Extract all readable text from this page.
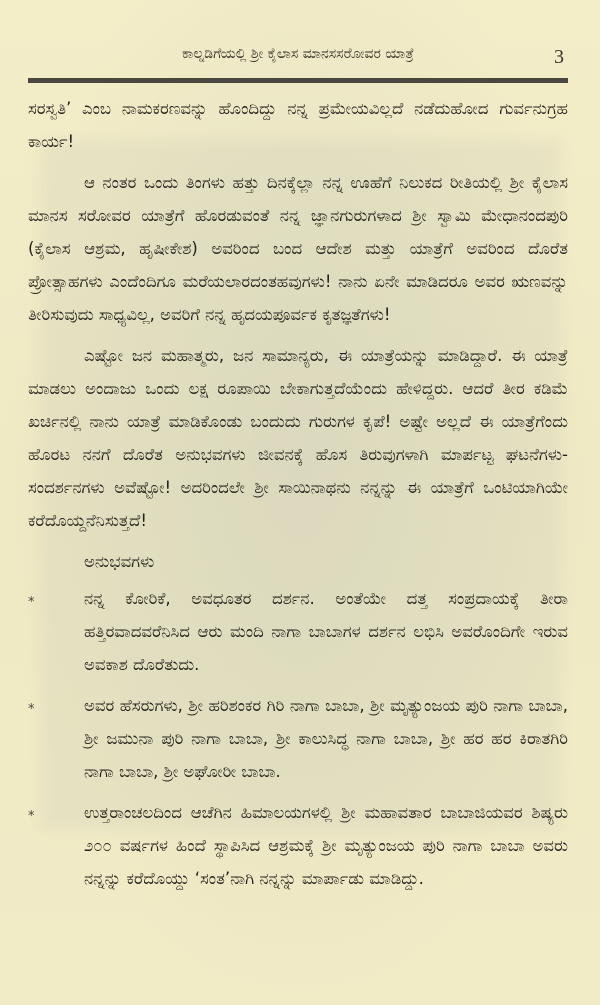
ಕಾಲ್ನಡಿಗೆಯಲ್ಲಿ ಶ್ರೀ ಕೈಲಾಸ ಮಾನಸಸರೋವರ ಯಾತ್ರೆ	3

ಸರಸ್ವತಿ’ ಎಂಬ ನಾಮಕರಣವನ್ನು ಹೊಂದಿದ್ದು ನನ್ನ ಪ್ರಮೇಯವಿಲ್ಲದೆ ನಡೆದುಹೋದ ಗುರ್ವನುಗ್ರಹ ಕಾರ್ಯ!

ಆ ನಂತರ ಒಂದು ತಿಂಗಳು ಹತ್ತು ದಿನಕ್ಕೆಲ್ಲಾ ನನ್ನ ಊಹೆಗೆ ನಿಲುಕದ ರೀತಿಯಲ್ಲಿ ಶ್ರೀ ಕೈಲಾಸ ಮಾನಸ ಸರೋವರ ಯಾತ್ರೆಗೆ ಹೊರಡುವಂತೆ ನನ್ನ ಜ್ಞಾನಗುರುಗಳಾದ ಶ್ರೀ ಸ್ವಾಮಿ ಮೇಧಾನಂದಪುರಿ (ಕೈಲಾಸ ಆಶ್ರಮ, ಹೃಷೀಕೇಶ) ಅವರಿಂದ ಬಂದ ಆದೇಶ ಮತ್ತು ಯಾತ್ರೆಗೆ ಅವರಿಂದ ದೊರೆತ ಪ್ರೋತ್ಸಾಹಗಳು ಎಂದೆಂದಿಗೂ ಮರೆಯಲಾರದಂತಹವುಗಳು! ನಾನು ಏನೇ ಮಾಡಿದರೂ ಅವರ ಋಣವನ್ನು ತೀರಿಸುವುದು ಸಾಧ್ಯವಿಲ್ಲ, ಅವರಿಗೆ ನನ್ನ ಹೃದಯಪೂರ್ವಕ ಕೃತಜ್ಞತೆಗಳು!

ಎಷ್ಟೋ ಜನ ಮಹಾತ್ಮರು, ಜನ ಸಾಮಾನ್ಯರು, ಈ ಯಾತ್ರೆಯನ್ನು ಮಾಡಿದ್ದಾರೆ. ಈ ಯಾತ್ರೆ ಮಾಡಲು ಅಂದಾಜು ಒಂದು ಲಕ್ಷ ರೂಪಾಯಿ ಬೇಕಾಗುತ್ತದೆಯೆಂದು ಹೇಳಿದ್ದರು. ಆದರೆ ತೀರ ಕಡಿಮೆ ಖರ್ಚಿನಲ್ಲಿ ನಾನು ಯಾತ್ರೆ ಮಾಡಿಕೊಂಡು ಬಂದುದು ಗುರುಗಳ ಕೃಪೆ! ಅಷ್ಟೇ ಅಲ್ಲದೆ ಈ ಯಾತ್ರೆಗೆಂದು ಹೊರಟ ನನಗೆ ದೊರೆತ ಅನುಭವಗಳು ಜೀವನಕ್ಕೆ ಹೊಸ ತಿರುವುಗಳಾಗಿ ಮಾರ್ಪಟ್ಟ ಘಟನೆಗಳು- ಸಂದರ್ಶನಗಳು ಅವೆಷ್ಟೋ! ಅದರಿಂದಲೇ ಶ್ರೀ ಸಾಯಿನಾಥನು ನನ್ನನ್ನು ಈ ಯಾತ್ರೆಗೆ ಒಂಟಿಯಾಗಿಯೇ ಕರೆದೊಯ್ದನೆನಿಸುತ್ತದೆ!

ಅನುಭವಗಳು

*	ನನ್ನ ಕೋರಿಕೆ, ಅವಧೂತರ ದರ್ಶನ. ಅಂತೆಯೇ ದತ್ತ ಸಂಪ್ರದಾಯಕ್ಕೆ ತೀರಾ ಹತ್ತಿರವಾದವರೆನಿಸಿದ ಆರು ಮಂದಿ ನಾಗಾ ಬಾಬಾಗಳ ದರ್ಶನ ಲಭಿಸಿ ಅವರೊಂದಿಗೇ ಇರುವ ಅವಕಾಶ ದೊರೆತುದು.
*	ಅವರ ಹೆಸರುಗಳು, ಶ್ರೀ ಹರಿಶಂಕರ ಗಿರಿ ನಾಗಾ ಬಾಬಾ, ಶ್ರೀ ಮೃತ್ಯುಂಜಯ ಪುರಿ ನಾಗಾ ಬಾಬಾ, ಶ್ರೀ ಜಮುನಾ ಪುರಿ ನಾಗಾ ಬಾಬಾ, ಶ್ರೀ ಕಾಲುಸಿದ್ಧ ನಾಗಾ ಬಾಬಾ, ಶ್ರೀ ಹರ ಹರ ಕಿರಾತಗಿರಿ ನಾಗಾ ಬಾಬಾ, ಶ್ರೀ ಅಘೋರೀ ಬಾಬಾ.
*	ಉತ್ತರಾಂಚಲದಿಂದ ಆಚೆಗಿನ ಹಿಮಾಲಯಗಳಲ್ಲಿ ಶ್ರೀ ಮಹಾವತಾರ ಬಾಬಾಜಿಯವರ ಶಿಷ್ಯರು ೨೦೦ ವರ್ಷಗಳ ಹಿಂದೆ ಸ್ಥಾಪಿಸಿದ ಆಶ್ರಮಕ್ಕೆ ಶ್ರೀ ಮೃತ್ಯುಂಜಯ ಪುರಿ ನಾಗಾ ಬಾಬಾ ಅವರು ನನ್ನನ್ನು ಕರೆದೊಯ್ದು ‘ಸಂತ’ನಾಗಿ ನನ್ನನ್ನು ಮಾರ್ಪಾಡು ಮಾಡಿದ್ದು.
